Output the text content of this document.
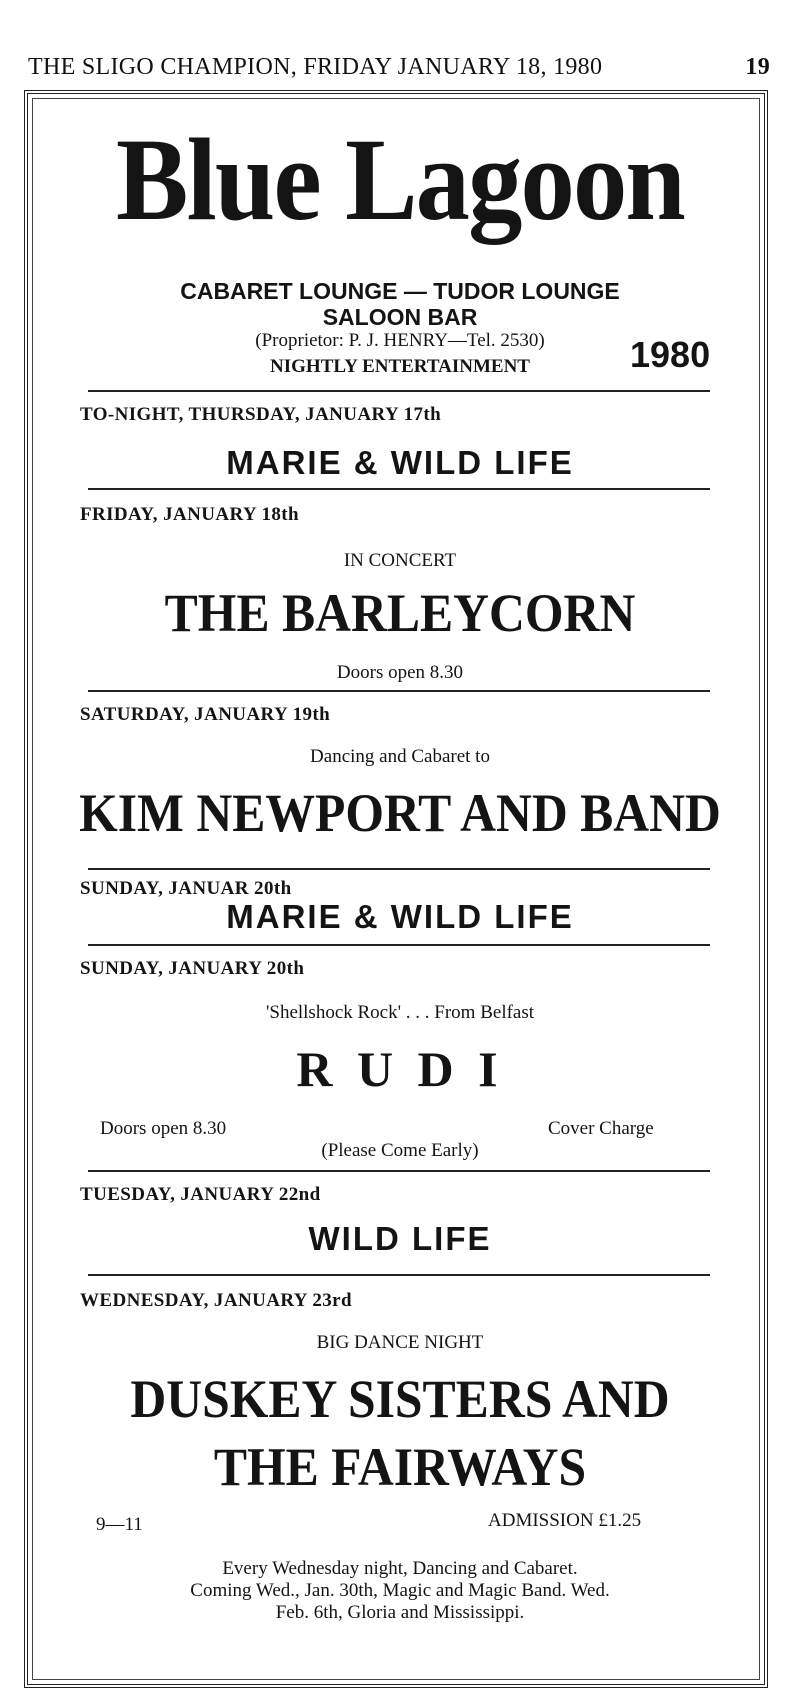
THE SLIGO CHAMPION, FRIDAY JANUARY 18, 1980	19
Blue Lagoon
CABARET LOUNGE — TUDOR LOUNGE
SALOON BAR
(Proprietor: P. J. HENRY—Tel. 2530)
NIGHTLY ENTERTAINMENT	1980
TO-NIGHT, THURSDAY, JANUARY 17th
MARIE & WILD LIFE
FRIDAY, JANUARY 18th
IN CONCERT
THE BARLEYCORN
Doors open 8.30
SATURDAY, JANUARY 19th
Dancing and Cabaret to
KIM NEWPORT AND BAND
SUNDAY, JANUAR 20th
MARIE & WILD LIFE
SUNDAY, JANUARY 20th
'Shellshock Rock' . . . From Belfast
R U D I
Doors open 8.30	Cover Charge
(Please Come Early)
TUESDAY, JANUARY 22nd
WILD LIFE
WEDNESDAY, JANUARY 23rd
BIG DANCE NIGHT
DUSKEY SISTERS AND
THE FAIRWAYS
9—11	ADMISSION £1.25
Every Wednesday night, Dancing and Cabaret.
Coming Wed., Jan. 30th, Magic and Magic Band. Wed.
Feb. 6th, Gloria and Mississippi.
